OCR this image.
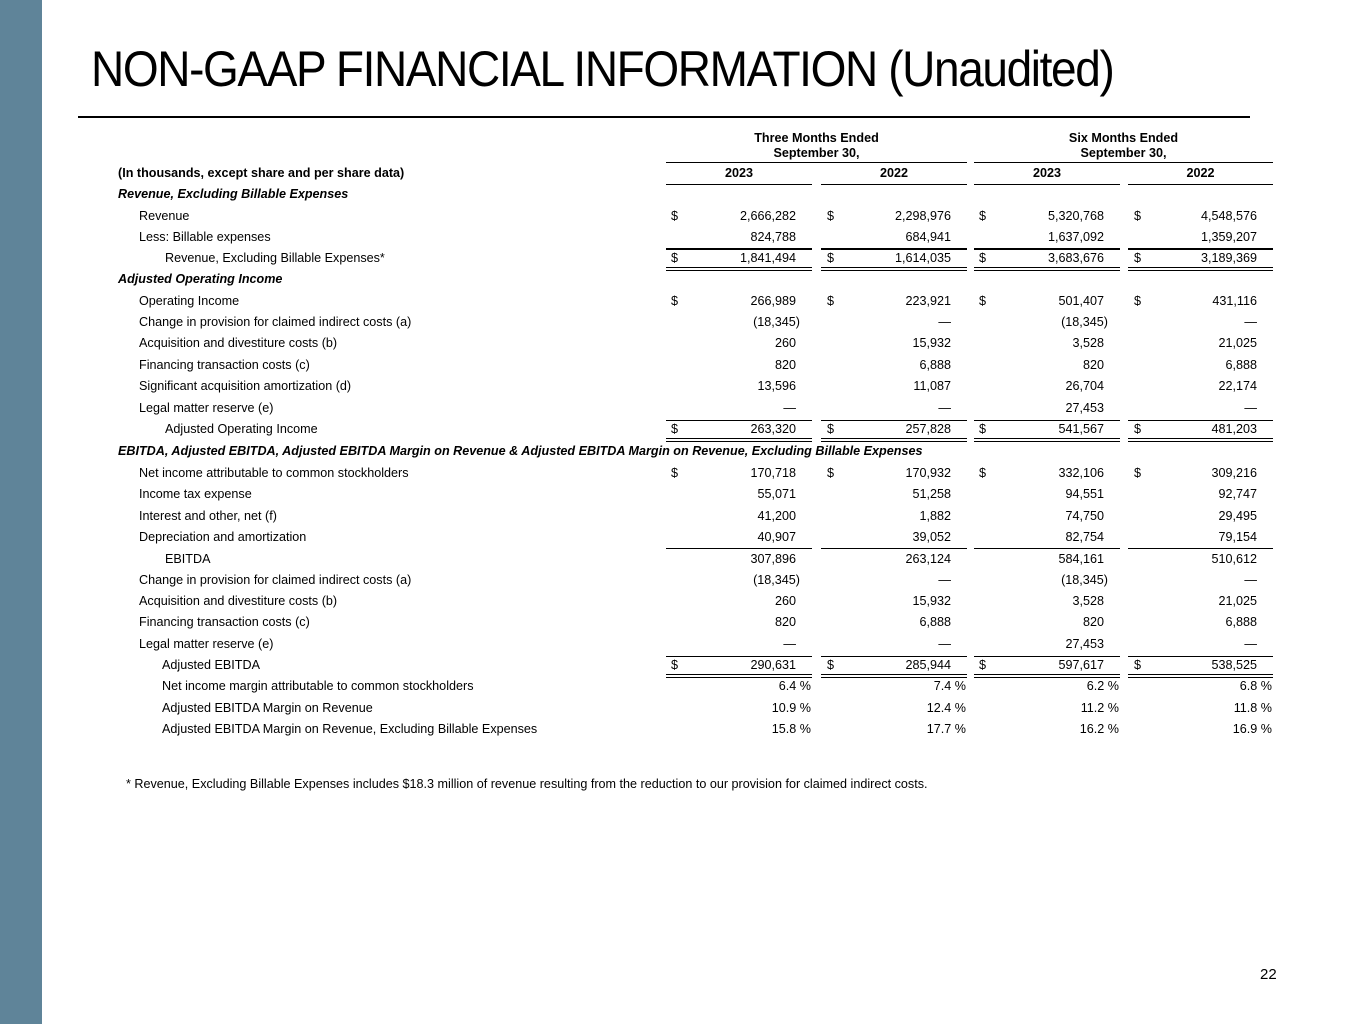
NON-GAAP FINANCIAL INFORMATION (Unaudited)
Three Months Ended
September 30,
Six Months Ended
September 30,
(In thousands, except share and per share data)	2023	2022	2023	2022
Revenue, Excluding Billable Expenses
Adjusted Operating Income
EBITDA, Adjusted EBITDA, Adjusted EBITDA Margin on Revenue & Adjusted EBITDA Margin on Revenue, Excluding Billable Expenses
Revenue	$	2,666,282 $	2,298,976 $	5,320,768 $	4,548,576
Less: Billable expenses	824,788	684,941	1,637,092	1,359,207
Revenue, Excluding Billable Expenses*	$	1,841,494 $	1,614,035 $	3,683,676 $	3,189,369
Operating Income	$	266,989 $	223,921 $	501,407 $	431,116
Change in provision for claimed indirect costs (a)	(18,345)	—	(18,345)	—
Acquisition and divestiture costs (b)	260	15,932	3,528	21,025
Financing transaction costs (c)	820	6,888	820	6,888
Significant acquisition amortization (d)	13,596	11,087	26,704	22,174
Legal matter reserve (e)	—	—	27,453	—
Adjusted Operating Income	$	263,320 $	257,828 $	541,567 $	481,203
Net income attributable to common stockholders	$	170,718 $	170,932 $	332,106 $	309,216
Income tax expense	55,071	51,258	94,551	92,747
Interest and other, net (f)	41,200	1,882	74,750	29,495
Depreciation and amortization	40,907	39,052	82,754	79,154
EBITDA	307,896	263,124	584,161	510,612
Change in provision for claimed indirect costs (a)	(18,345)	—	(18,345)	—
Acquisition and divestiture costs (b)	260	15,932	3,528	21,025
Financing transaction costs (c)	820	6,888	820	6,888
Legal matter reserve (e)	—	—	27,453	—
Adjusted EBITDA	$	290,631 $	285,944 $	597,617 $	538,525
Net income margin attributable to common stockholders	6.4 %	7.4 %	6.2 %	6.8 %
Adjusted EBITDA Margin on Revenue	10.9 %	12.4 %	11.2 %	11.8 %
Adjusted EBITDA Margin on Revenue, Excluding Billable Expenses	15.8 %	17.7 %	16.2 %	16.9 %
* Revenue, Excluding Billable Expenses includes $18.3 million of revenue resulting from the reduction to our provision for claimed indirect costs.
22
